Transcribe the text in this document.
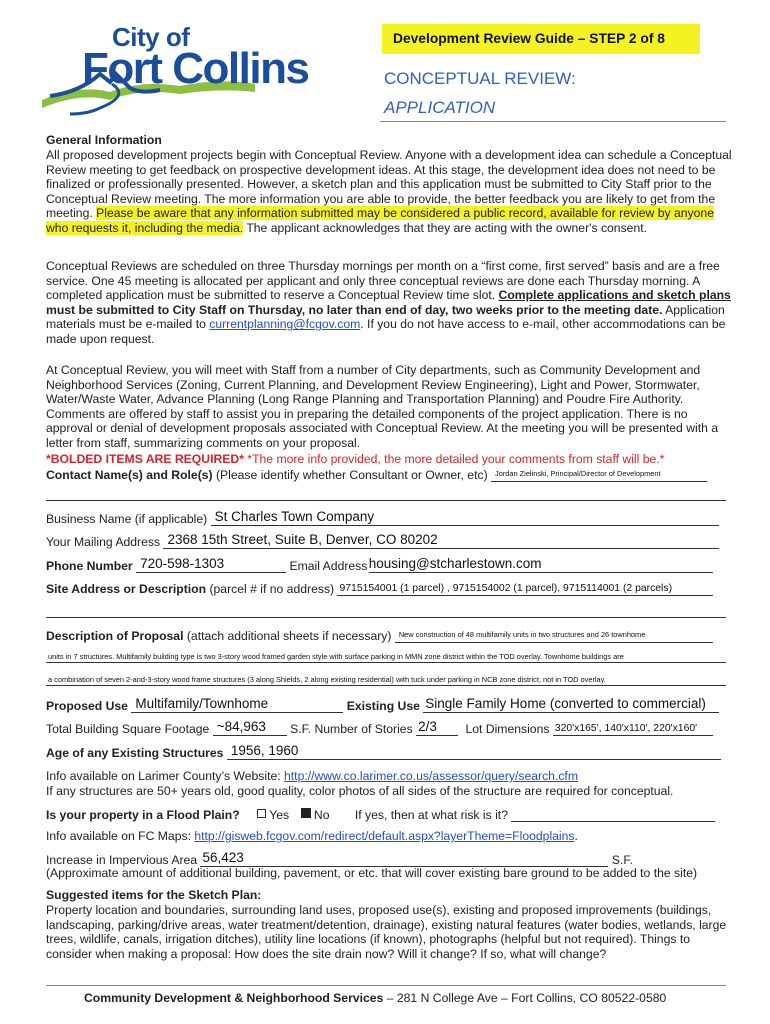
City of
Fort Collins
Development Review Guide – STEP 2 of 8
CONCEPTUAL REVIEW:
APPLICATION
General Information

All proposed development projects begin with Conceptual Review. Anyone with a development idea can schedule a Conceptual Review meeting to get feedback on prospective development ideas. At this stage, the development idea does not need to be finalized or professionally presented. However, a sketch plan and this application must be submitted to City Staff prior to the Conceptual Review meeting. The more information you are able to provide, the better feedback you are likely to get from the meeting. Please be aware that any information submitted may be considered a public record, available for review by anyone who requests it, including the media. The applicant acknowledges that they are acting with the owner's consent.

Conceptual Reviews are scheduled on three Thursday mornings per month on a “first come, first served” basis and are a free service. One 45 meeting is allocated per applicant and only three conceptual reviews are done each Thursday morning. A completed application must be submitted to reserve a Conceptual Review time slot. Complete applications and sketch plans must be submitted to City Staff on Thursday, no later than end of day, two weeks prior to the meeting date. Application materials must be e-mailed to currentplanning@fcgov.com. If you do not have access to e-mail, other accommodations can be made upon request.

At Conceptual Review, you will meet with Staff from a number of City departments, such as Community Development and Neighborhood Services (Zoning, Current Planning, and Development Review Engineering), Light and Power, Stormwater, Water/Waste Water, Advance Planning (Long Range Planning and Transportation Planning) and Poudre Fire Authority. Comments are offered by staff to assist you in preparing the detailed components of the project application. There is no approval or denial of development proposals associated with Conceptual Review. At the meeting you will be presented with a letter from staff, summarizing comments on your proposal.

*BOLDED ITEMS ARE REQUIRED* *The more info provided, the more detailed your comments from staff will be.*
Contact Name(s) and Role(s) (Please identify whether Consultant or Owner, etc) Jordan Zielinski, Principal/Director of Development
Business Name (if applicable) St Charles Town Company
Your Mailing Address 2368 15th Street, Suite B, Denver, CO 80202
Phone Number 720-598-1303	Email Address housing@stcharlestown.com
Site Address or Description (parcel # if no address) 9715154001 (1 parcel) , 9715154002 (1 parcel), 9715114001 (2 parcels)
Description of Proposal (attach additional sheets if necessary) New construction of 48 multifamily units in two structures and 26 townhome
units in 7 structures. Multifamily building type is two 3-story wood framed garden style with surface parking in MMN zone district within the TOD overlay. Townhome buildings are
a combination of seven 2-and-3-story wood frame structures (3 along Shields, 2 along existing residential) with tuck under parking in NCB zone district, not in TOD overlay.
Proposed Use Multifamily/Townhome	Existing Use Single Family Home (converted to commercial)
Total Building Square Footage ~84,963 S.F. Number of Stories 2/3 Lot Dimensions 320'x165', 140'x110', 220'x160'
Age of any Existing Structures 1956, 1960
Info available on Larimer County’s Website: http://www.co.larimer.co.us/assessor/query/search.cfm
If any structures are 50+ years old, good quality, color photos of all sides of the structure are required for conceptual.
Is your property in a Flood Plain? Yes No If yes, then at what risk is it?
Info available on FC Maps: http://gisweb.fcgov.com/redirect/default.aspx?layerTheme=Floodplains.
Increase in Impervious Area 56,423	S.F.
(Approximate amount of additional building, pavement, or etc. that will cover existing bare ground to be added to the site)
Suggested items for the Sketch Plan:

Property location and boundaries, surrounding land uses, proposed use(s), existing and proposed improvements (buildings, landscaping, parking/drive areas, water treatment/detention, drainage), existing natural features (water bodies, wetlands, large trees, wildlife, canals, irrigation ditches), utility line locations (if known), photographs (helpful but not required). Things to consider when making a proposal: How does the site drain now? Will it change? If so, what will change?

Community Development & Neighborhood Services – 281 N College Ave – Fort Collins, CO 80522-0580
